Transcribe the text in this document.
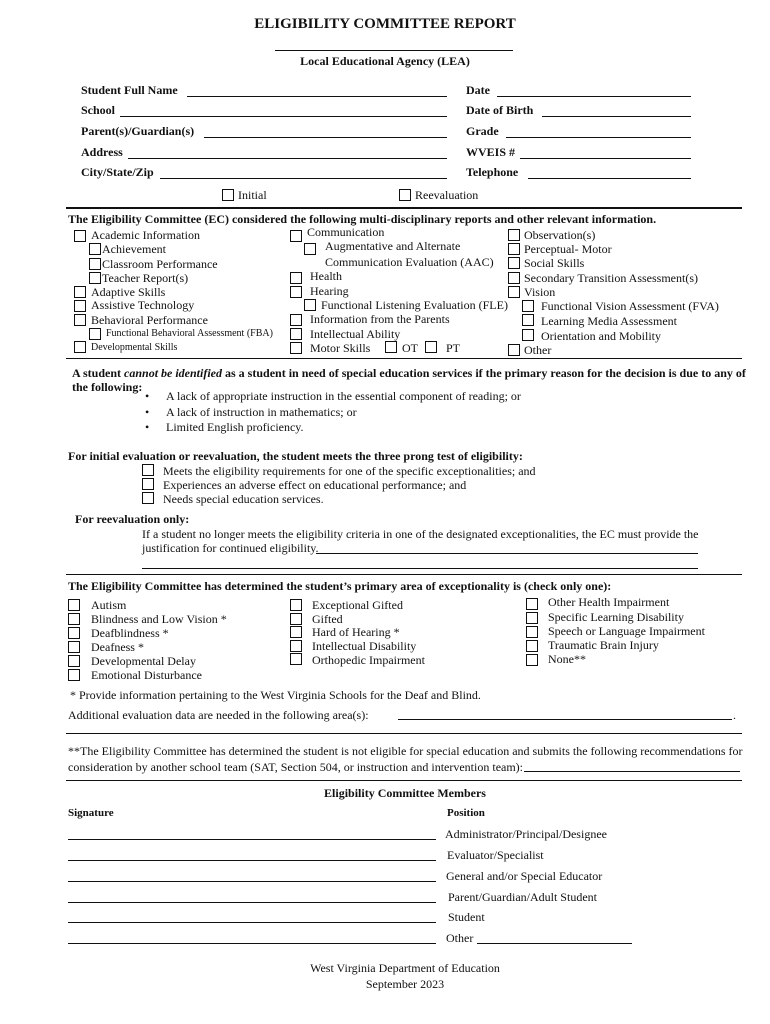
ELIGIBILITY COMMITTEE REPORT
Local Educational Agency (LEA)
Student Full Name
School
Parent(s)/Guardian(s)
Address
City/State/Zip
Date
Date of Birth
Grade
WVEIS #
Telephone
Initial	Reevaluation
The Eligibility Committee (EC) considered the following multi-disciplinary reports and other relevant information.
Academic Information
Achievement
Classroom Performance
Teacher Report(s)
Adaptive Skills
Assistive Technology
Behavioral Performance
Functional Behavioral Assessment (FBA)
Developmental Skills
Communication
Augmentative and Alternate
Communication Evaluation (AAC)
Health
Hearing
Functional Listening Evaluation (FLE)
Information from the Parents
Intellectual Ability
Motor Skills	OT PT
Observation(s)
Perceptual- Motor
Social Skills
Secondary Transition Assessment(s)
Vision
Functional Vision Assessment (FVA)
Learning Media Assessment
Orientation and Mobility
Other
A student cannot be identified as a student in need of special education services if the primary reason for the decision is due to any of
the following:
• A lack of appropriate instruction in the essential component of reading; or
• A lack of instruction in mathematics; or
• Limited English proficiency.
For initial evaluation or reevaluation, the student meets the three prong test of eligibility:
Meets the eligibility requirements for one of the specific exceptionalities; and
Experiences an adverse effect on educational performance; and
Needs special education services.
For reevaluation only:
If a student no longer meets the eligibility criteria in one of the designated exceptionalities, the EC must provide the
justification for continued eligibility.
The Eligibility Committee has determined the student’s primary area of exceptionality is (check only one):
Autism
Blindness and Low Vision *
Deafblindness *
Deafness *
Developmental Delay
Emotional Disturbance
Exceptional Gifted
Gifted
Hard of Hearing *
Intellectual Disability
Orthopedic Impairment
Other Health Impairment
Specific Learning Disability
Speech or Language Impairment
Traumatic Brain Injury
None**
* Provide information pertaining to the West Virginia Schools for the Deaf and Blind.
Additional evaluation data are needed in the following area(s):	.
**The Eligibility Committee has determined the student is not eligible for special education and submits the following recommendations for
consideration by another school team (SAT, Section 504, or instruction and intervention team):
Eligibility Committee Members
Signature	Position
Administrator/Principal/Designee
Evaluator/Specialist
General and/or Special Educator
Parent/Guardian/Adult Student
Student
Other
West Virginia Department of Education
September 2023
